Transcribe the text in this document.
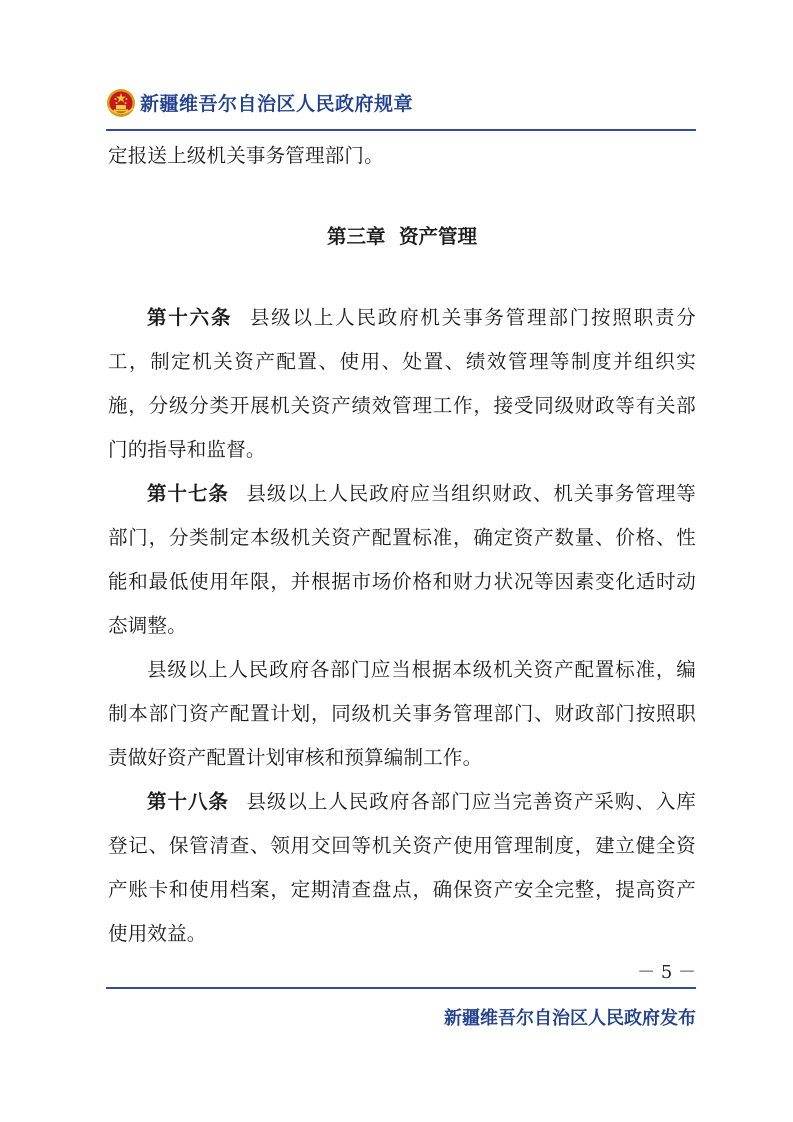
新疆维吾尔自治区人民政府规章

定报送上级机关事务管理部门。

第三章  资产管理

第十六条 县级以上人民政府机关事务管理部门按照职责分工，制定机关资产配置、使用、处置、绩效管理等制度并组织实施，分级分类开展机关资产绩效管理工作，接受同级财政等有关部门的指导和监督。

第十七条 县级以上人民政府应当组织财政、机关事务管理等部门，分类制定本级机关资产配置标准，确定资产数量、价格、性能和最低使用年限，并根据市场价格和财力状况等因素变化适时动态调整。

县级以上人民政府各部门应当根据本级机关资产配置标准，编制本部门资产配置计划，同级机关事务管理部门、财政部门按照职责做好资产配置计划审核和预算编制工作。

第十八条 县级以上人民政府各部门应当完善资产采购、入库登记、保管清查、领用交回等机关资产使用管理制度，建立健全资产账卡和使用档案，定期清查盘点，确保资产安全完整，提高资产使用效益。

－ 5 －
新疆维吾尔自治区人民政府发布
